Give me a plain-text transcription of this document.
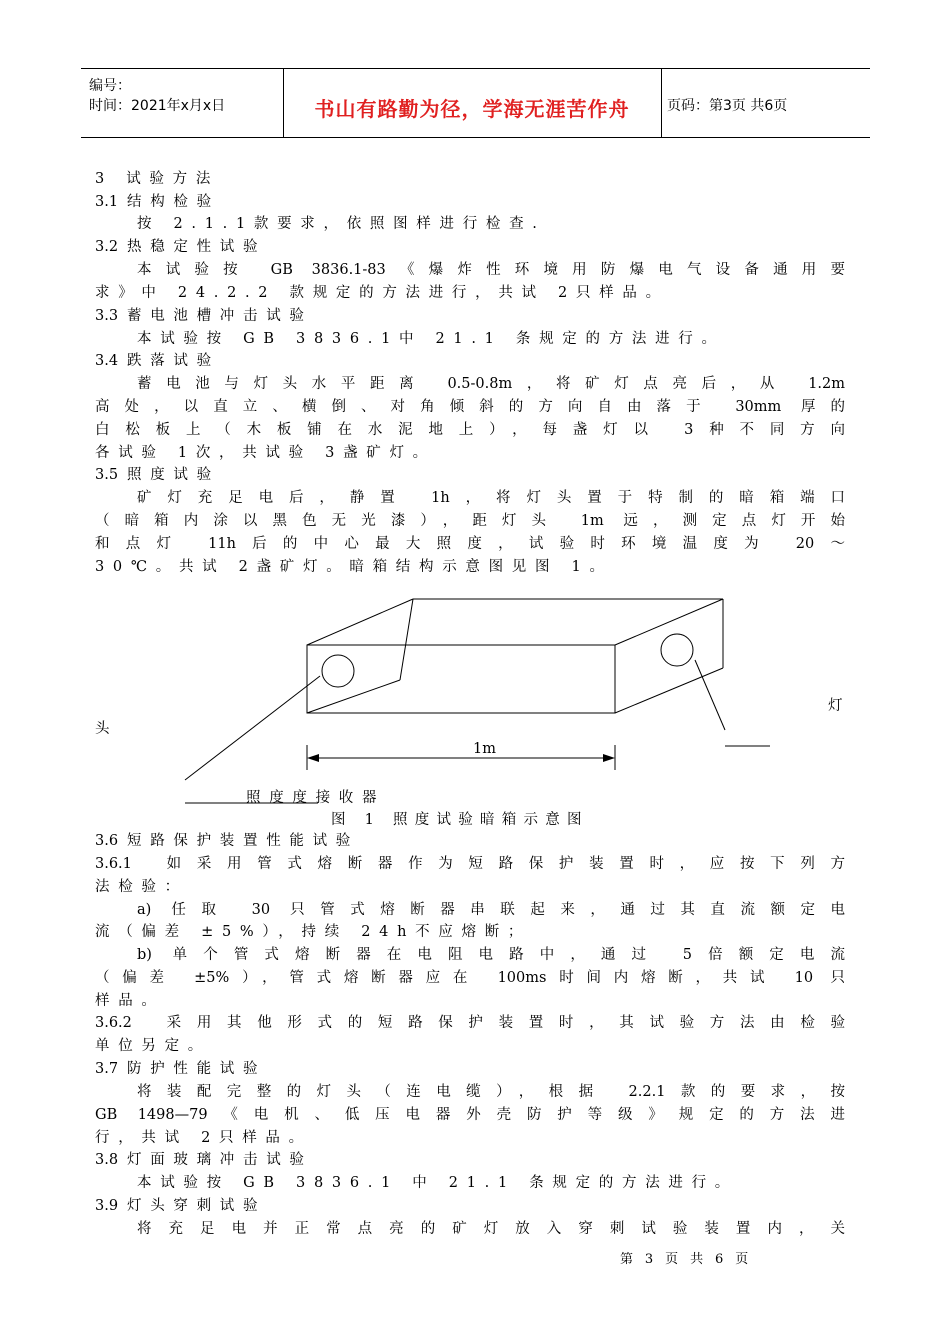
编号：
时间：2021年x月x日	书山有路勤为径，学海无涯苦作舟	页码：第3页 共6页
3 试验方法
3.1 结构检验
按 2.1.1款要求，依照图样进行检查.
3.2 热稳定性试验
本试验按 GB 3836.1-83《爆炸性环境用防爆电气设备通用要
求》中 24.2.2 款规定的方法进行，共试 2只样品。
3.3 蓄电池槽冲击试验
本试验按 GB 3836.1中 21.1 条规定的方法进行。
3.4 跌落试验
蓄电池与灯头水平距离 0.5-0.8m，将矿灯点亮后，从 1.2m
高处，以直立、横倒、对角倾斜的方向自由落于 30mm 厚的
白松板上（木板铺在水泥地上），每盏灯以 3种不同方向
各试验 1次，共试验 3盏矿灯。
3.5 照度试验
矿灯充足电后，静置 1h，将灯头置于特制的暗箱端口
（暗箱内涂以黑色无光漆），距灯头 1m 远，测定点灯开始
和点灯 11h后的中心最大照度，试验时环境温度为 20～
30℃。共试 2盏矿灯。暗箱结构示意图见图 1。
1m
灯
头
照度度接收器
图 1 照度试验暗箱示意图
3.6 短路保护装置性能试验
3.6.1 如采用管式熔断器作为短路保护装置时，应按下列方
法检验：
a) 任取 30 只管式熔断器串联起来，通过其直流额定电
流（偏差 ±5%），持续 24h不应熔断；
b) 单个管式熔断器在电阻电路中，通过 5倍额定电流
（偏差 ±5%），管式熔断器应在 100ms时间内熔断，共试 10 只
样品。
3.6.2 采用其他形式的短路保护装置时，其试验方法由检验
单位另定。
3.7 防护性能试验
将装配完整的灯头（连电缆），根据 2.2.1款的要求，按
GB 1498—79《电机、低压电器外壳防护等级》规定的方法进
行，共试 2只样品。
3.8 灯面玻璃冲击试验
本试验按 GB 3836.1 中 21.1 条规定的方法进行。
3.9 灯头穿刺试验
将充足电并正常点亮的矿灯放入穿刺试验装置内，关
第 3 页 共 6 页
